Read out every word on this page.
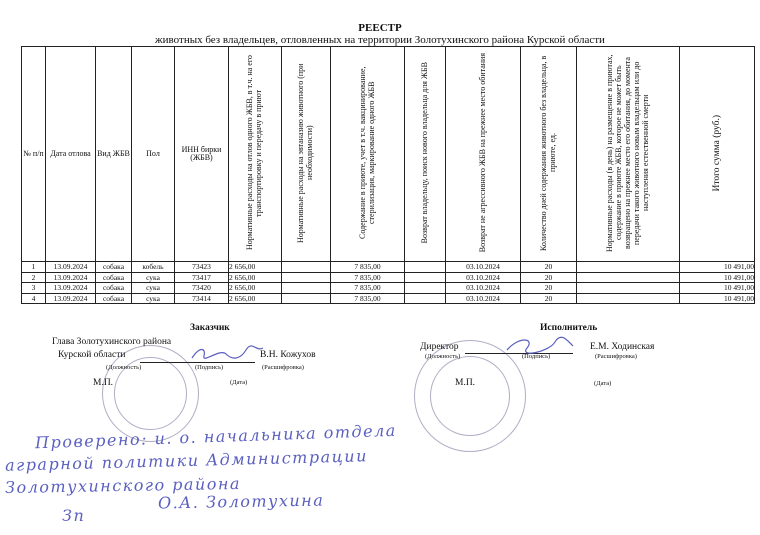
РЕЕСТР
животных без владельцев, отловленных на территории Золотухинского района Курской области
№ п/п	Дата отлова	Вид ЖБВ	Пол	ИНН бирки (ЖБВ)	Нормативные расходы на отлов одного ЖБВ, в т.ч. на его транспортировку и передачу в приют	Нормативные расходы на эвтаназию животного (при необходимости)	Содержание в приюте, учет в т.ч. вакцинирование, стерилизация, маркирование одного ЖБВ	Возврат владельцу, поиск нового владельца для ЖБВ	Возврат не агрессивного ЖБВ на прежнее место обитания	Количество дней содержания животного без владельца, в приюте, ед.	Нормативные расходы (в день) на размещение в приютах, содержание в приюте ЖБВ, которое не может быть возвращено на прежнее место его обитания, до момента передачи такого животного новым владельцам или до наступления естественной смерти	Итого сумма (руб.)
1	13.09.2024	собака	кобель	73423	2 656,00		7 835,00		03.10.2024	20		10 491,00
2	13.09.2024	собака	сука	73417	2 656,00		7 835,00		03.10.2024	20		10 491,00
3	13.09.2024	собака	сука	73420	2 656,00		7 835,00		03.10.2024	20		10 491,00
4	13.09.2024	собака	сука	73414	2 656,00		7 835,00		03.10.2024	20		10 491,00
Заказчик
Глава Золотухинского района
Курской области	В.Н. Кожухов
(Должность)	(Подпись)	(Расшифровка)
М.П.	(Дата)
Исполнитель
Директор	Е.М. Ходинская
(Должность)	(Подпись)	(Расшифровка)
М.П.	(Дата)
Проверено: и. о. начальника отдела
аграрной политики Администрации
Золотухинского района
О.А. Золотухина
Зп
